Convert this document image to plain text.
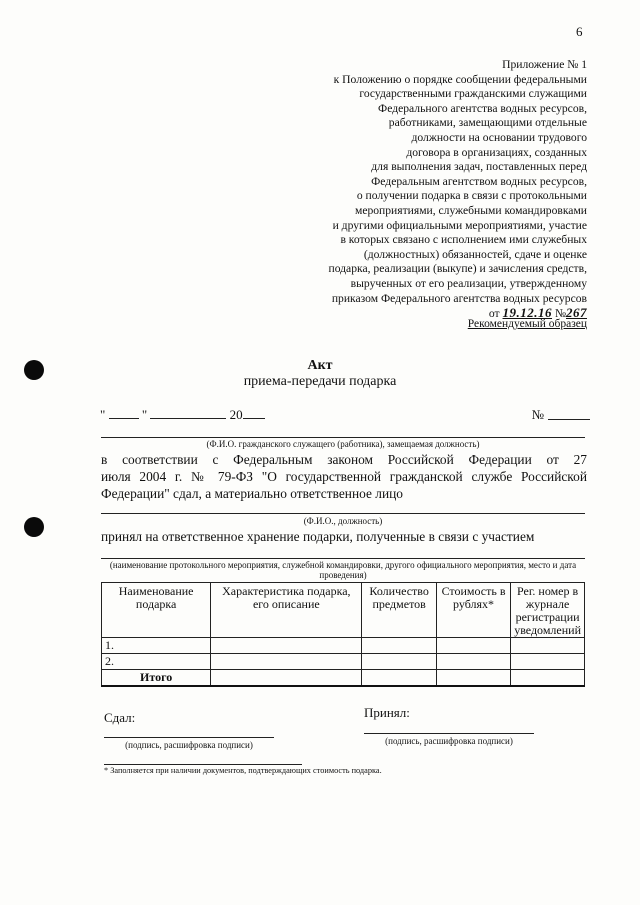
6
Приложение № 1
к Положению о порядке сообщении федеральными
государственными гражданскими служащими
Федерального агентства водных ресурсов,
работниками, замещающими отдельные
должности на основании трудового
договора в организациях, созданных
для выполнения задач, поставленных перед
Федеральным агентством водных ресурсов,
о получении подарка в связи с протокольными
мероприятиями, служебными командировками
и другими официальными мероприятиями, участие
в которых связано с исполнением ими служебных
(должностных) обязанностей, сдаче и оценке
подарка, реализации (выкупе) и зачисления средств,
вырученных от его реализации, утвержденному
приказом Федерального агентства водных ресурсов
от 19.12.16 №267
Рекомендуемый образец
Акт
приема-передачи подарка
"	"	20	№
(Ф.И.О. гражданского служащего (работника), замещаемая должность)
в соответствии с Федеральным законом Российской Федерации от 27
июля 2004 г. № 79-ФЗ "О государственной гражданской службе Российской
Федерации" сдал, а материально ответственное лицо
(Ф.И.О., должность)
принял на ответственное хранение подарки, полученные в связи с участием
(наименование протокольного мероприятия, служебной командировки, другого официального мероприятия, место и дата проведения)
Наименование подарка	Характеристика подарка, его описание	Количество предметов	Стоимость в рублях*	Рег. номер в журнале регистрации уведомлений
1.				
2.				
Итого				
Сдал:	Принял:
(подпись, расшифровка подписи)	(подпись, расшифровка подписи)
* Заполняется при наличии документов, подтверждающих стоимость подарка.
